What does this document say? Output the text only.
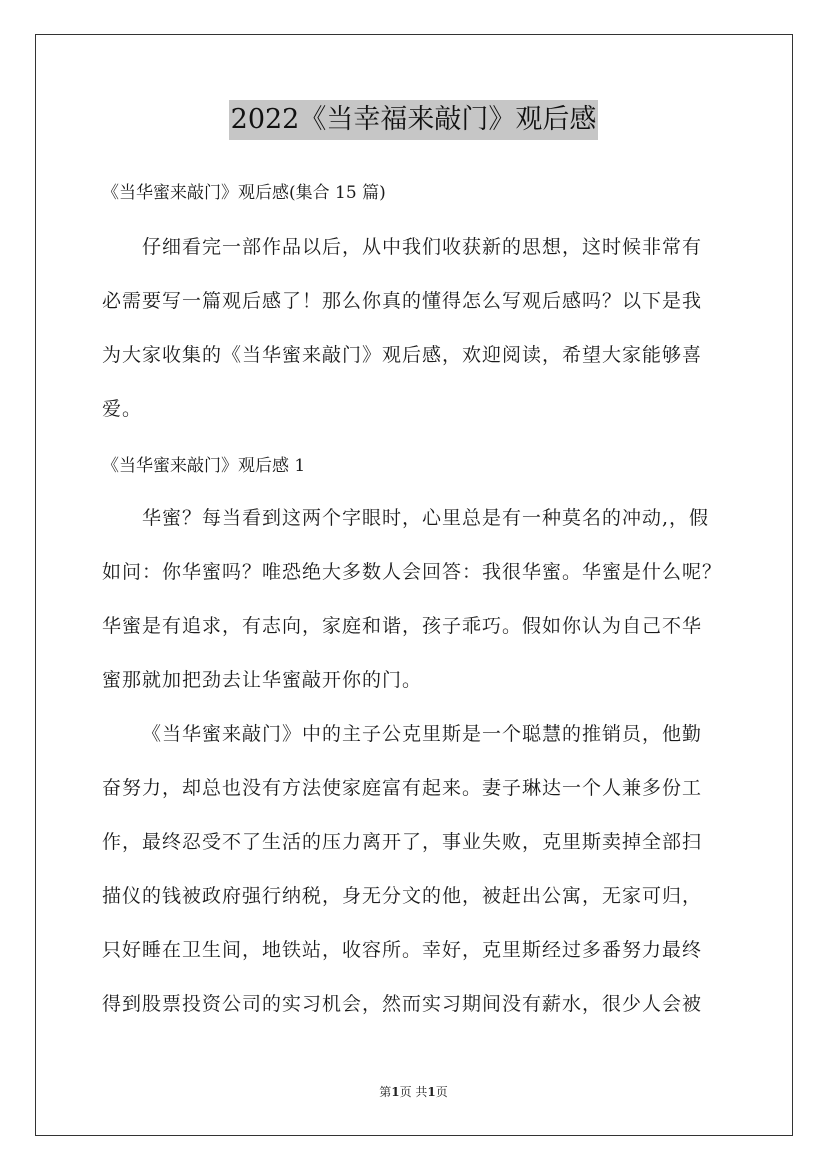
2022《当幸福来敲门》观后感
《当华蜜来敲门》观后感(集合 15 篇)
仔细看完一部作品以后，从中我们收获新的思想，这时候非常有
必需要写一篇观后感了！那么你真的懂得怎么写观后感吗？以下是我
为大家收集的《当华蜜来敲门》观后感，欢迎阅读，希望大家能够喜
爱。
《当华蜜来敲门》观后感 1
华蜜？每当看到这两个字眼时，心里总是有一种莫名的冲动,，假
如问：你华蜜吗？唯恐绝大多数人会回答：我很华蜜。华蜜是什么呢？
华蜜是有追求，有志向，家庭和谐，孩子乖巧。假如你认为自己不华
蜜那就加把劲去让华蜜敲开你的门。
《当华蜜来敲门》中的主子公克里斯是一个聪慧的推销员，他勤
奋努力，却总也没有方法使家庭富有起来。妻子琳达一个人兼多份工
作，最终忍受不了生活的压力离开了，事业失败，克里斯卖掉全部扫
描仪的钱被政府强行纳税，身无分文的他，被赶出公寓，无家可归，
只好睡在卫生间，地铁站，收容所。幸好，克里斯经过多番努力最终
得到股票投资公司的实习机会，然而实习期间没有薪水，很少人会被
第1页 共1页
